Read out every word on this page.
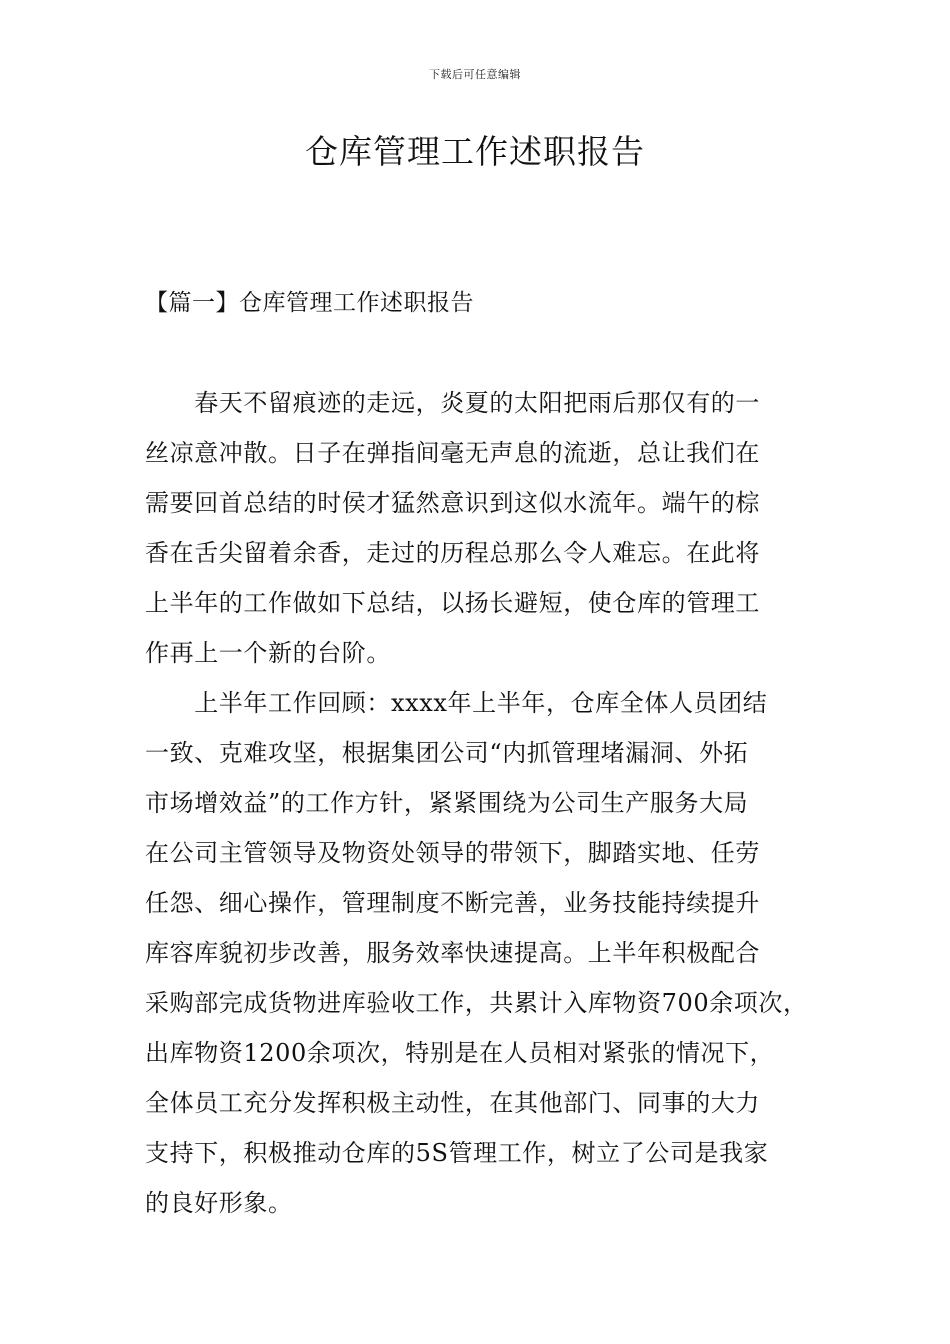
下载后可任意编辑
仓库管理工作述职报告
【篇一】仓库管理工作述职报告
　　春天不留痕迹的走远，炎夏的太阳把雨后那仅有的一
丝凉意冲散。日子在弹指间毫无声息的流逝，总让我们在
需要回首总结的时侯才猛然意识到这似水流年。端午的棕
香在舌尖留着余香，走过的历程总那么令人难忘。在此将
上半年的工作做如下总结，以扬长避短，使仓库的管理工
作再上一个新的台阶。
　　上半年工作回顾：xxxx年上半年，仓库全体人员团结
一致、克难攻坚，根据集团公司“内抓管理堵漏洞、外拓
市场增效益”的工作方针，紧紧围绕为公司生产服务大局
在公司主管领导及物资处领导的带领下，脚踏实地、任劳
任怨、细心操作，管理制度不断完善，业务技能持续提升
库容库貌初步改善，服务效率快速提高。上半年积极配合
采购部完成货物进库验收工作，共累计入库物资700余项次，
出库物资1200余项次，特别是在人员相对紧张的情况下，
全体员工充分发挥积极主动性，在其他部门、同事的大力
支持下，积极推动仓库的5S管理工作，树立了公司是我家
的良好形象。
